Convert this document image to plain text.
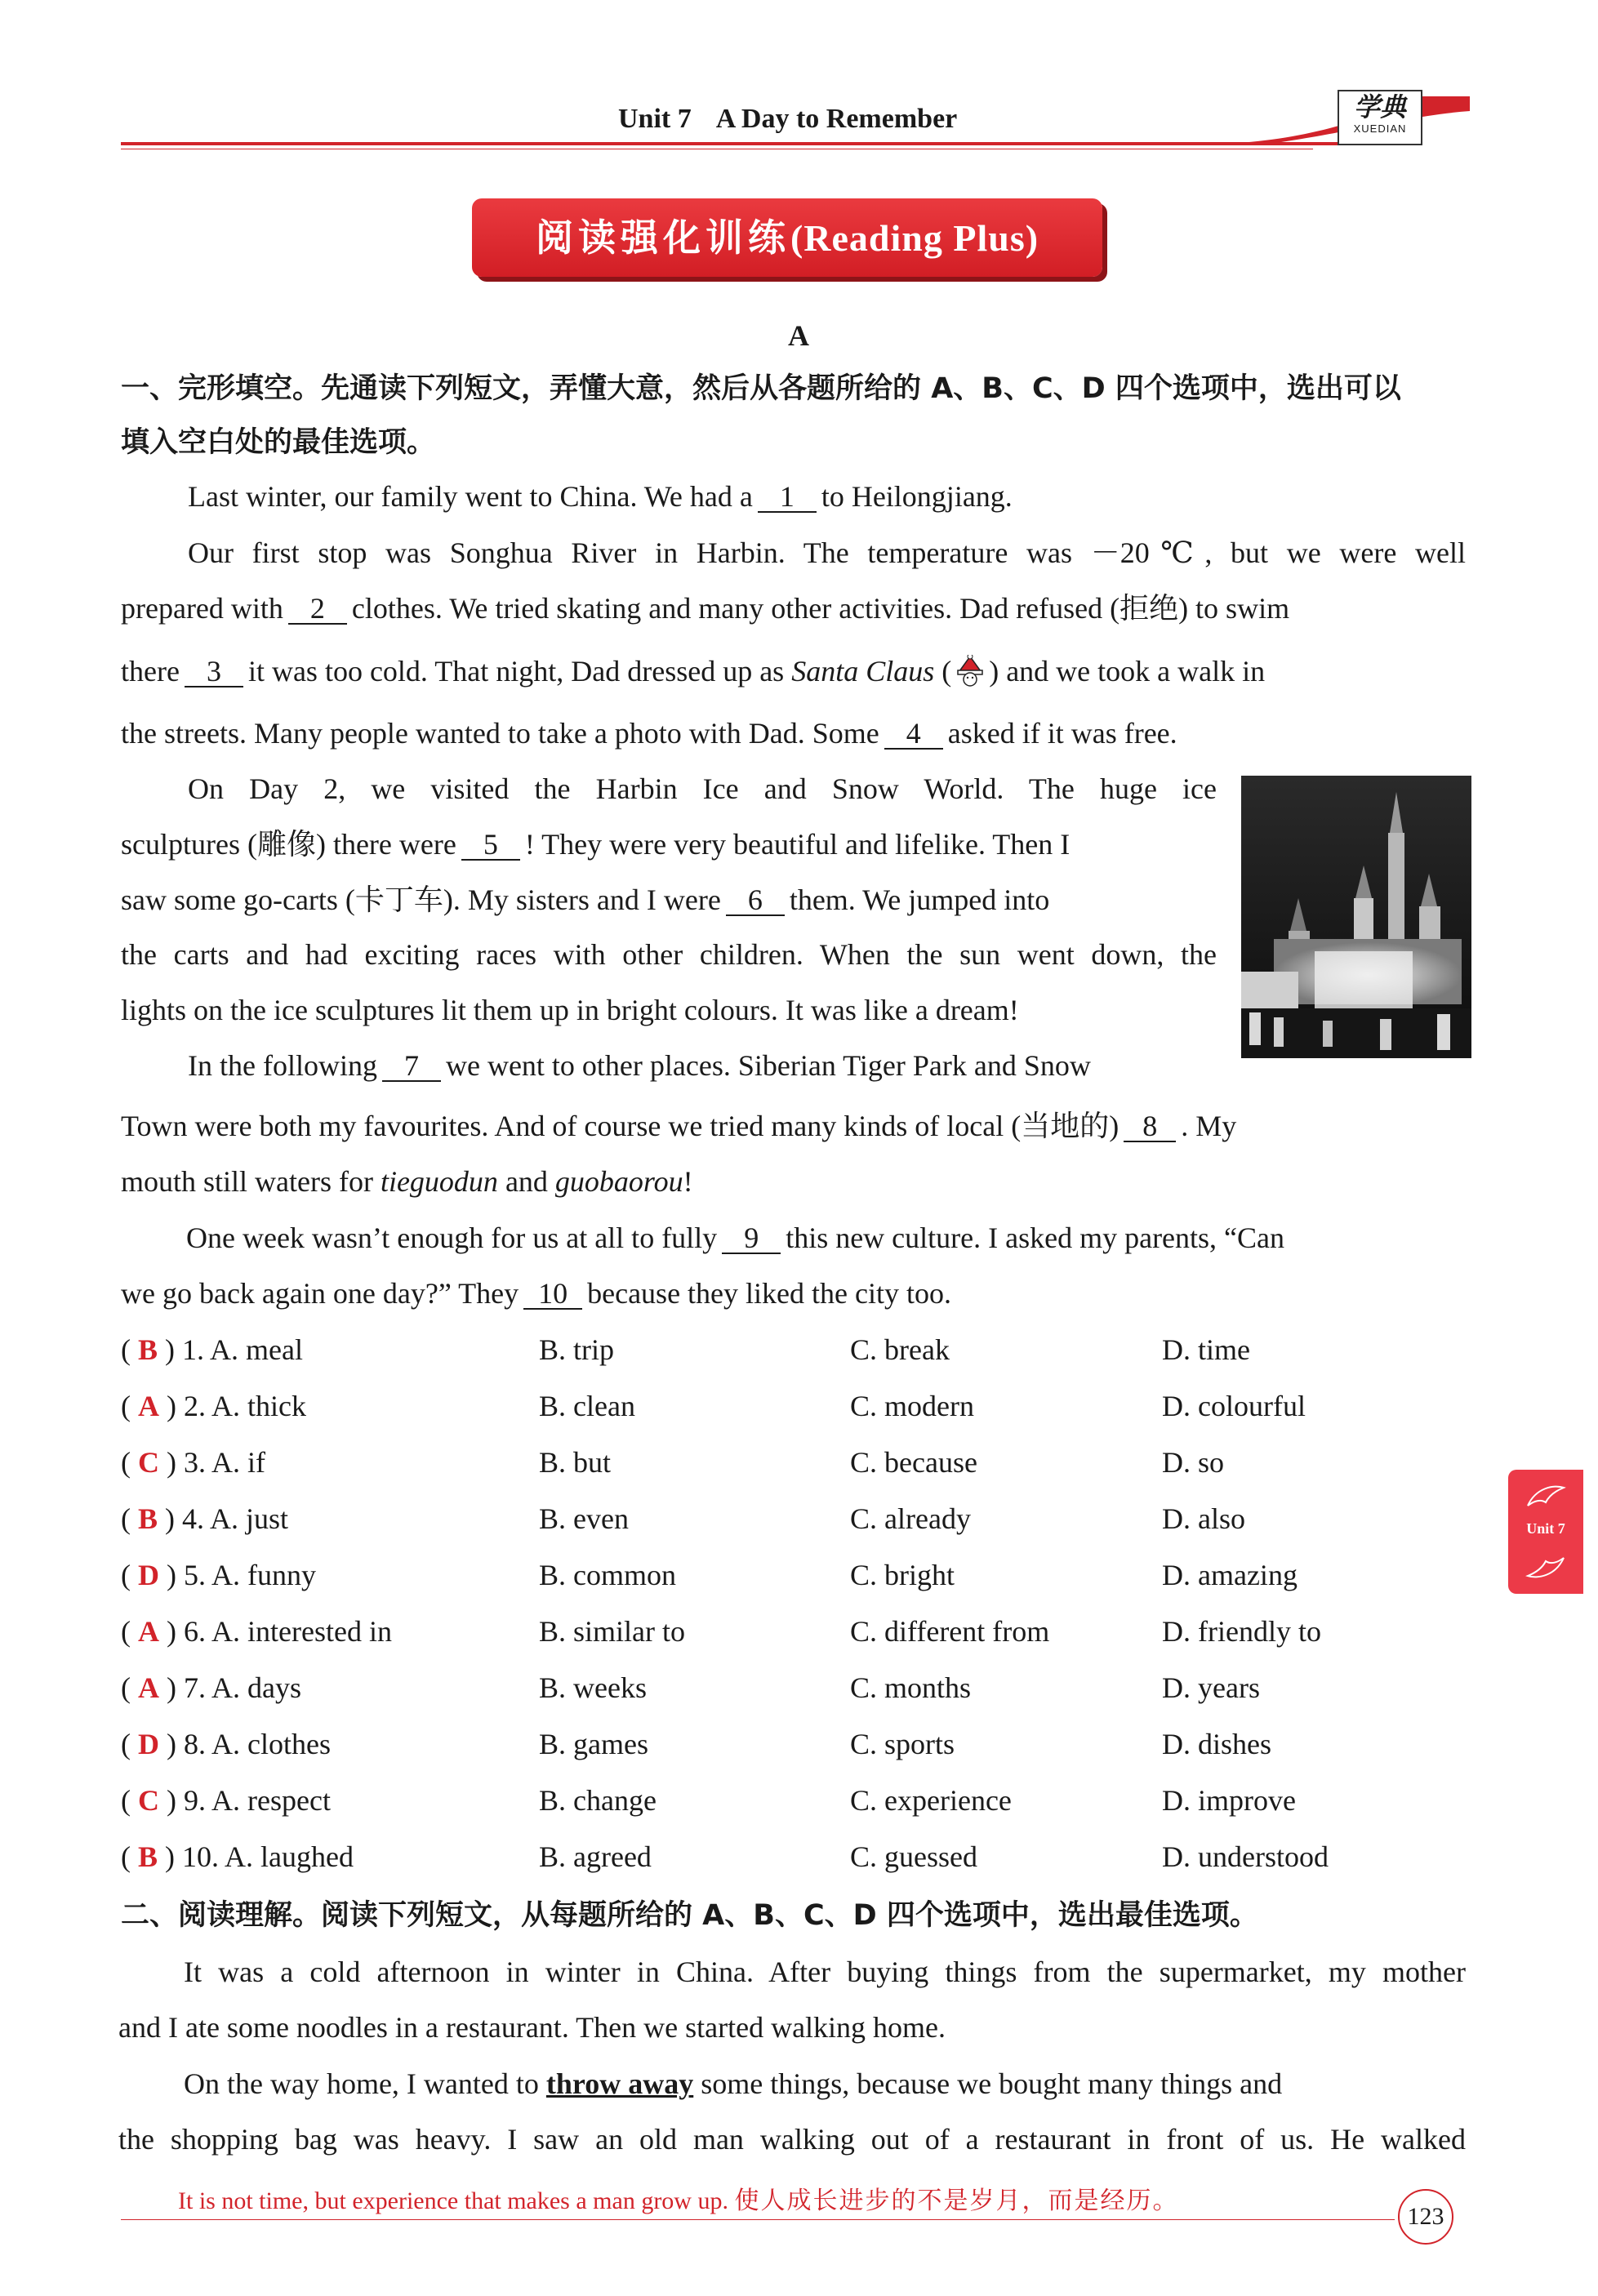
Unit 7 A Day to Remember	学典
XUEDIAN
阅读强化训练(Reading Plus)
A
一、完形填空。先通读下列短文，弄懂大意，然后从各题所给的 A、B、C、D 四个选项中，选出可以
填入空白处的最佳选项。
Last winter, our family went to China. We had a 1 to Heilongjiang.
Our first stop was Songhua River in Harbin. The temperature was －20℃, but we were well
prepared with 2 clothes. We tried skating and many other activities. Dad refused (拒绝) to swim
there 3 it was too cold. That night, Dad dressed up as Santa Claus ( ) and we took a walk in
the streets. Many people wanted to take a photo with Dad. Some 4 asked if it was free.
On Day 2, we visited the Harbin Ice and Snow World. The huge ice
sculptures (雕像) there were 5 ! They were very beautiful and lifelike. Then I
saw some go-carts (卡丁车). My sisters and I were 6 them. We jumped into
the carts and had exciting races with other children. When the sun went down, the
lights on the ice sculptures lit them up in bright colours. It was like a dream!
In the following 7 we went to other places. Siberian Tiger Park and Snow
Town were both my favourites. And of course we tried many kinds of local (当地的) 8 . My
mouth still waters for tieguodun and guobaorou!
One week wasn’t enough for us at all to fully 9 this new culture. I asked my parents, “Can
we go back again one day?” They 10 because they liked the city too.
( B ) 1. A. meal	B. trip	C. break	D. time
( A ) 2. A. thick	B. clean	C. modern	D. colourful
( C ) 3. A. if	B. but	C. because	D. so
( B ) 4. A. just	B. even	C. already	D. also
( D ) 5. A. funny	B. common	C. bright	D. amazing
( A ) 6. A. interested in	B. similar to	C. different from	D. friendly to
( A ) 7. A. days	B. weeks	C. months	D. years
( D ) 8. A. clothes	B. games	C. sports	D. dishes
( C ) 9. A. respect	B. change	C. experience	D. improve
( B ) 10. A. laughed	B. agreed	C. guessed	D. understood
二、阅读理解。阅读下列短文，从每题所给的 A、B、C、D 四个选项中，选出最佳选项。
It was a cold afternoon in winter in China. After buying things from the supermarket, my mother
and I ate some noodles in a restaurant. Then we started walking home.
On the way home, I wanted to throw away some things, because we bought many things and
the shopping bag was heavy. I saw an old man walking out of a restaurant in front of us. He walked
It is not time, but experience that makes a man grow up. 使人成长进步的不是岁月，而是经历。
123
Unit 7
